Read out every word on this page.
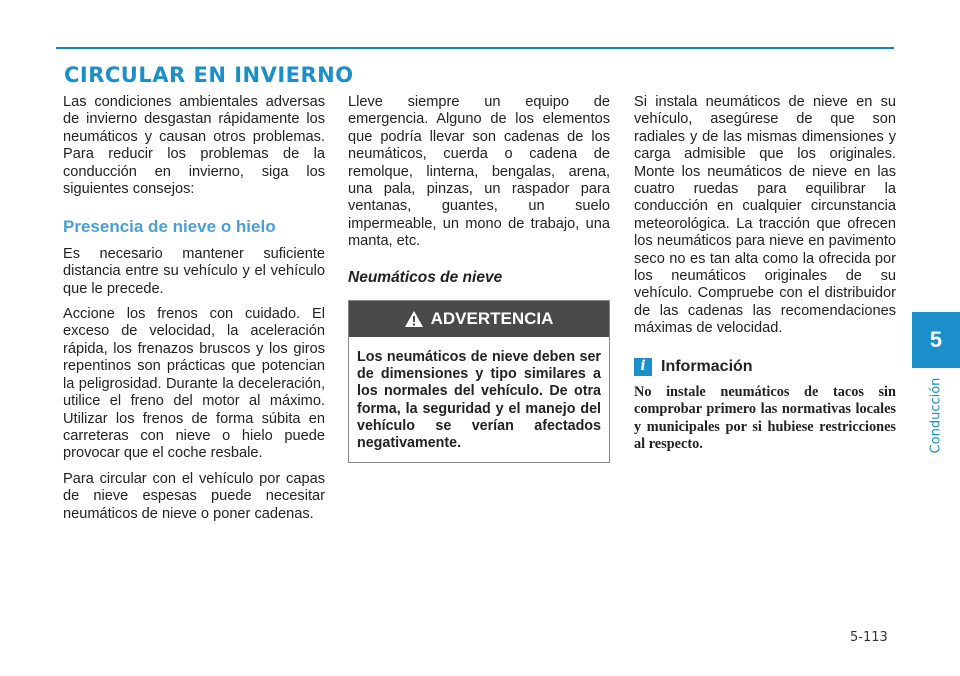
CIRCULAR EN INVIERNO

Las condiciones ambientales adversas de invierno desgastan rápidamente los neumáticos y causan otros problemas. Para reducir los problemas de la conducción en invierno, siga los siguientes consejos:

Presencia de nieve o hielo

Es necesario mantener suficiente distancia entre su vehículo y el vehículo que le precede.

Accione los frenos con cuidado. El exceso de velocidad, la aceleración rápida, los frenazos bruscos y los giros repentinos son prácticas que potencian la peligrosidad. Durante la deceleración, utilice el freno del motor al máximo. Utilizar los frenos de forma súbita en carreteras con nieve o hielo puede provocar que el coche resbale.

Para circular con el vehículo por capas de nieve espesas puede necesitar neumáticos de nieve o poner cadenas.

Lleve siempre un equipo de emergencia. Alguno de los elementos que podría llevar son cadenas de los neumáticos, cuerda o cadena de remolque, linterna, bengalas, arena, una pala, pinzas, un raspador para ventanas, guantes, un suelo impermeable, un mono de trabajo, una manta, etc.

Neumáticos de nieve
ADVERTENCIA
Los neumáticos de nieve deben ser de dimensiones y tipo similares a los normales del vehículo. De otra forma, la seguridad y el manejo del vehículo se verían afectados negativamente.

Si instala neumáticos de nieve en su vehículo, asegúrese de que son radiales y de las mismas dimensiones y carga admisible que los originales. Monte los neumáticos de nieve en las cuatro ruedas para equilibrar la conducción en cualquier circunstancia meteorológica. La tracción que ofrecen los neumáticos para nieve en pavimento seco no es tan alta como la ofrecida por los neumáticos originales de su vehículo. Compruebe con el distribuidor de las cadenas las recomendaciones máximas de velocidad.

i Información

No instale neumáticos de tacos sin comprobar primero las normativas locales y municipales por si hubiese restricciones al respecto.

5
Conducción
5-113
